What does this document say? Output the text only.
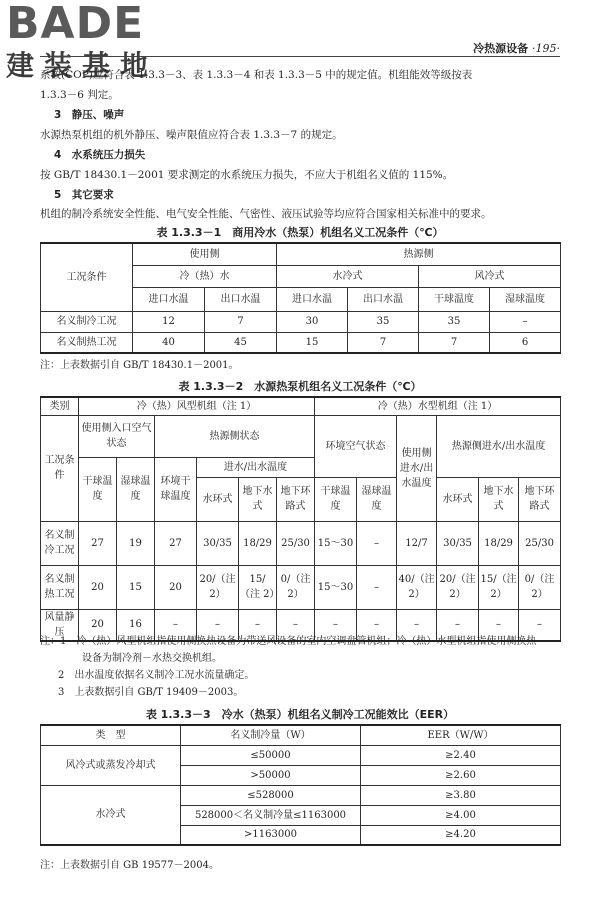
BADE
建装基地
冷热源设备 ·195·
系数(COP)应符合表 1.3.3－3、表 1.3.3－4 和表 1.3.3－5 中的规定值。机组能效等级按表
1.3.3－6 判定。
3　静压、噪声
水源热泵机组的机外静压、噪声限值应符合表 1.3.3－7 的规定。
4　水系统压力损失
按 GB/T 18430.1－2001 要求测定的水系统压力损失，不应大于机组名义值的 115%。
5　其它要求
机组的制冷系统安全性能、电气安全性能、气密性、液压试验等均应符合国家相关标准中的要求。
表 1.3.3－1　商用冷水（热泵）机组名义工况条件（℃）
工况条件	使用侧		热源侧			
	冷（热）水		水冷式		风冷式	
	进口水温	出口水温	进口水温	出口水温	干球温度	湿球温度
名义制冷工况	12	7	30	35	35	–
名义制热工况	40	45	15	7	7	6
注：上表数据引自 GB/T 18430.1－2001。
表 1.3.3－2　水源热泵机组名义工况条件（℃）
类别	冷（热）风型机组（注 1）						冷（热）水型机组（注 1）					
工况条件	使用侧入口空气状态		热源侧状态				环境空气状态		使用侧进水/出水温度	热源侧进水/出水温度		
	干球温度	湿球温度	环境干球温度	进水/出水温度								
				水环式	地下水式	地下环路式	干球温度	湿球温度		水环式	地下水式	地下环路式
名义制冷工况	27	19	27	30/35	18/29	25/30	15～30	–	12/7	30/35	18/29	25/30
名义制热工况	20	15	20	20/（注 2）	15/（注 2）	0/（注 2）	15～30	–	40/（注 2）	20/（注 2）	15/（注 2）	0/（注 2）
风量静压	20	16	–	–	–	–	–	–	–	–	–	–
注：1　冷（热）风型机组指使用侧换热设备为带送风设备的室内空调盘管机组；冷（热）水型机组指使用侧换热
设备为制冷剂－水热交换机组。
2　出水温度依据名义制冷工况水流量确定。
3　上表数据引自 GB/T 19409－2003。
表 1.3.3－3　冷水（热泵）机组名义制冷工况能效比（EER）
类　型	名义制冷量（W）	EER（W/W）
风冷式或蒸发冷却式	≤50000	≥2.40
	>50000	≥2.60
水冷式	≤528000	≥3.80
	528000＜名义制冷量≤1163000	≥4.00
	>1163000	≥4.20
注：上表数据引自 GB 19577－2004。
